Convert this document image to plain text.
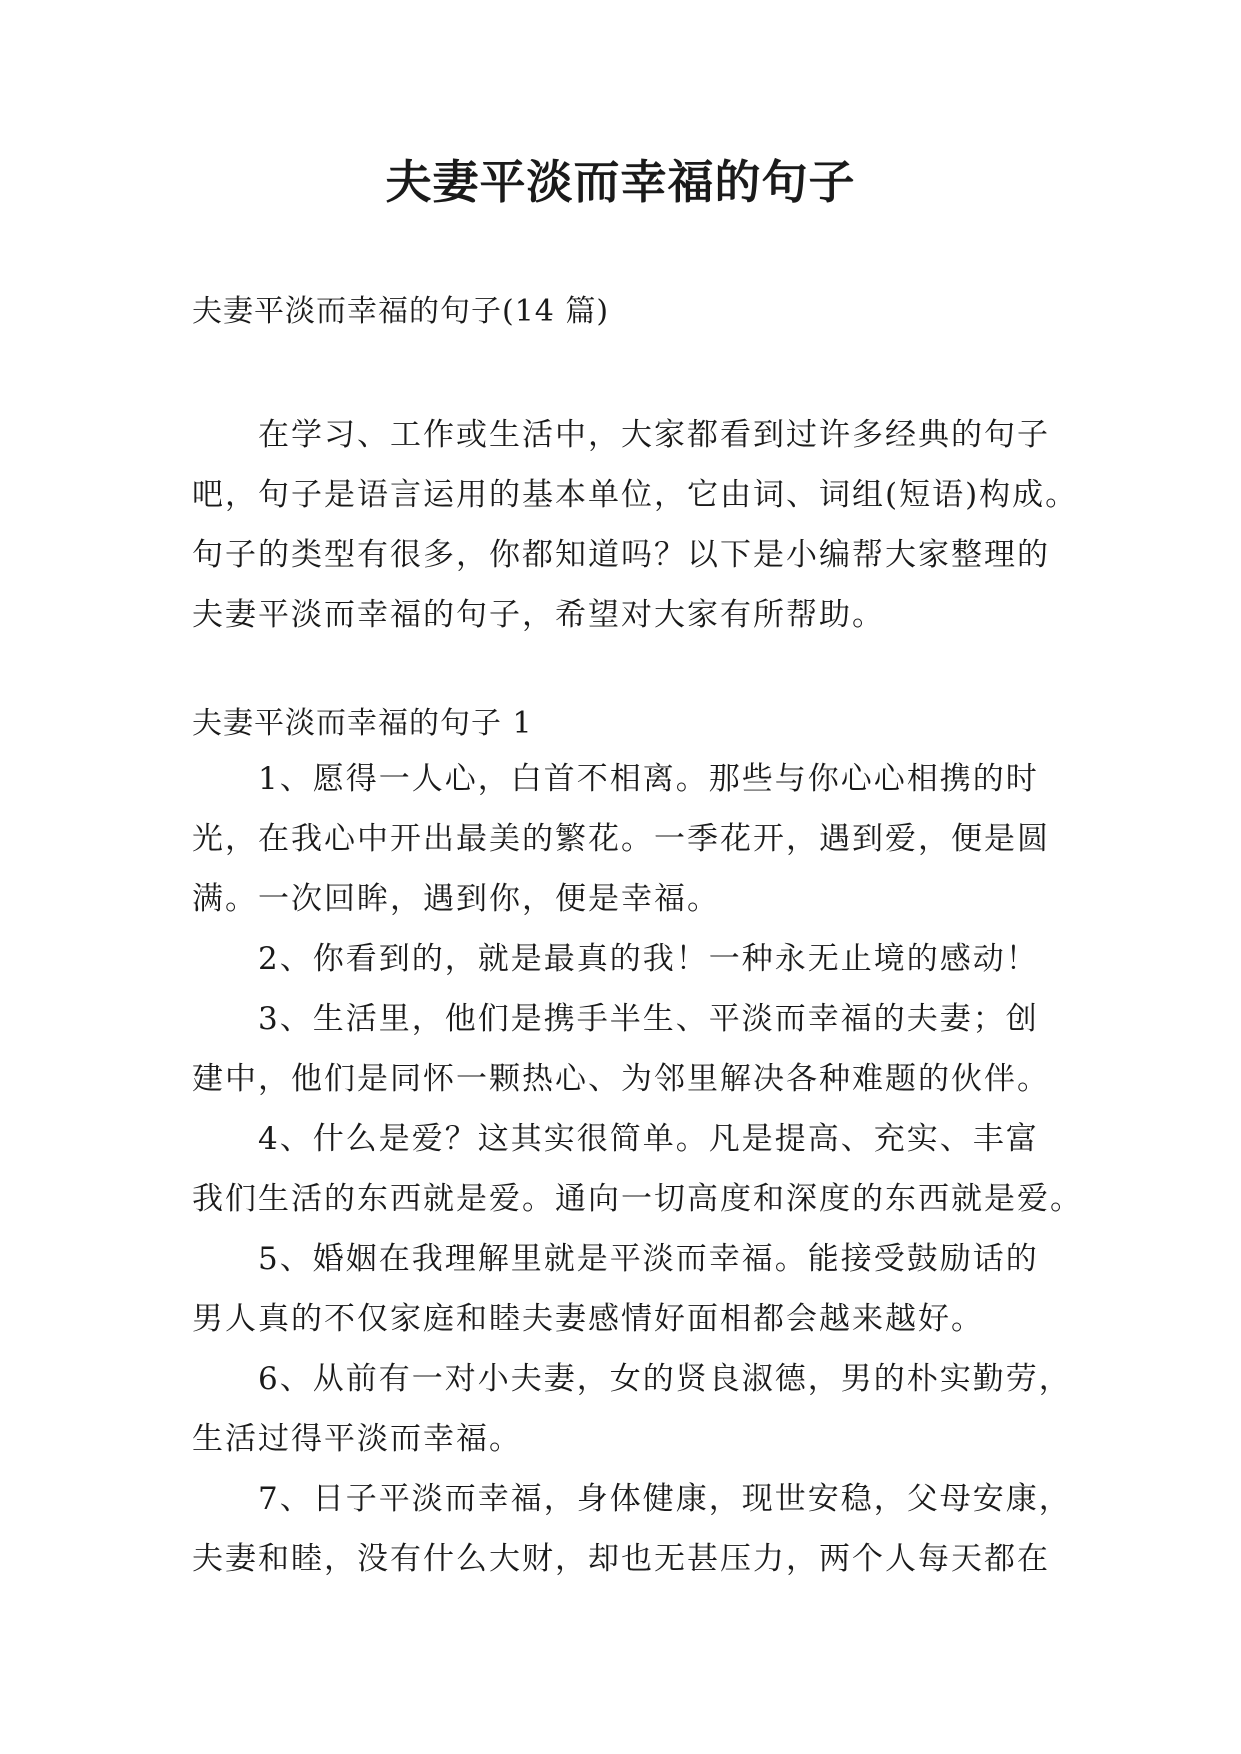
夫妻平淡而幸福的句子
夫妻平淡而幸福的句子(14 篇)
在学习、工作或生活中，大家都看到过许多经典的句子
吧，句子是语言运用的基本单位，它由词、词组(短语)构成。
句子的类型有很多，你都知道吗？以下是小编帮大家整理的
夫妻平淡而幸福的句子，希望对大家有所帮助。
夫妻平淡而幸福的句子 1
1、愿得一人心，白首不相离。那些与你心心相携的时
光，在我心中开出最美的繁花。一季花开，遇到爱，便是圆
满。一次回眸，遇到你，便是幸福。
2、你看到的，就是最真的我！一种永无止境的感动！
3、生活里，他们是携手半生、平淡而幸福的夫妻；创
建中，他们是同怀一颗热心、为邻里解决各种难题的伙伴。
4、什么是爱？这其实很简单。凡是提高、充实、丰富
我们生活的东西就是爱。通向一切高度和深度的东西就是爱。
5、婚姻在我理解里就是平淡而幸福。能接受鼓励话的
男人真的不仅家庭和睦夫妻感情好面相都会越来越好。
6、从前有一对小夫妻，女的贤良淑德，男的朴实勤劳，
生活过得平淡而幸福。
7、日子平淡而幸福，身体健康，现世安稳，父母安康，
夫妻和睦，没有什么大财，却也无甚压力，两个人每天都在
